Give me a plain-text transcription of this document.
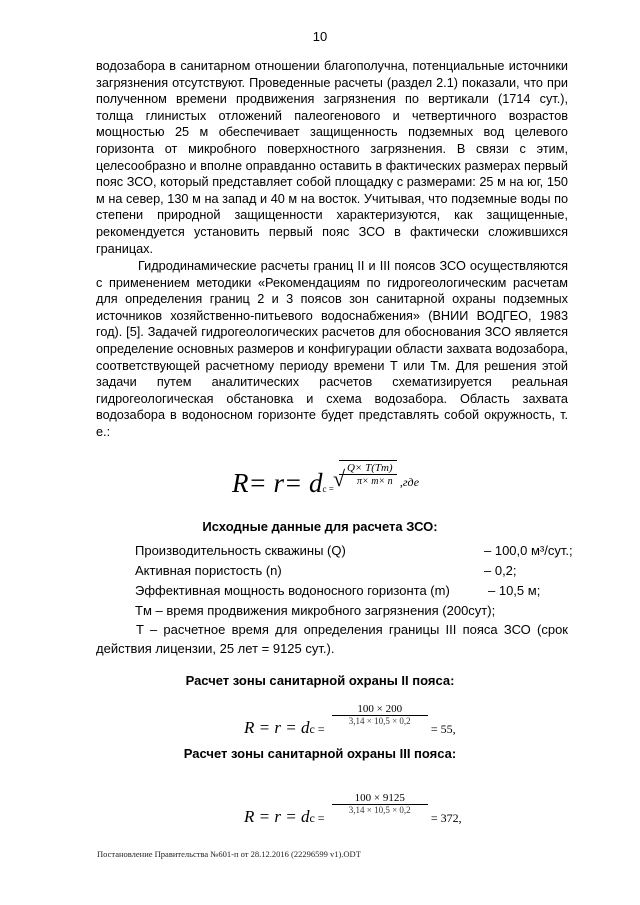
10

водозабора в санитарном отношении благополучна, потенциальные источники загрязнения отсутствуют. Проведенные расчеты (раздел 2.1) показали, что при полученном времени продвижения загрязнения по вертикали (1714 сут.), толща глинистых отложений палеогенового и четвертичного возрастов мощностью 25 м обеспечивает защищенность подземных вод целевого горизонта от микробного поверхностного загрязнения. В связи с этим, целесообразно и вполне оправданно оставить в фактических размерах первый пояс ЗСО, который представляет собой площадку с размерами: 25 м на юг, 150 м на север, 130 м на запад и 40 м на восток. Учитывая, что подземные воды по степени природной защищенности характеризуются, как защищенные, рекомендуется установить первый пояс ЗСО в фактически сложившихся границах.

Гидродинамические расчеты границ II и III поясов ЗСО осуществляются с применением методики «Рекомендациям по гидрогеологическим расчетам для определения границ 2 и 3 поясов зон санитарной охраны подземных источников хозяйственно-питьевого водоснабжения» (ВНИИ ВОДГЕО, 1983 год). [5]. Задачей гидрогеологических расчетов для обоснования ЗСО является определение основных размеров и конфигурации области захвата водозабора, соответствующей расчетному периоду времени T или Tм. Для решения этой задачи путем аналитических расчетов схематизируется реальная гидрогеологическая обстановка и схема водозабора. Область захвата водозабора в водоносном горизонте будет представлять собой окружность, т. е.:

R= r= dc = √ Q× T(Tm)
π× m× n ,где
Исходные данные для расчета ЗСО:
Производительность скважины (Q)	– 100,0 м³/сут.;
Активная пористость (n)	– 0,2;
Эффективная мощность водоносного горизонта (m)	– 10,5 м;
Tм – время продвижения микробного загрязнения (200сут);

T – расчетное время для определения границы III пояса ЗСО (срок действия лицензии, 25 лет = 9125 сут.).

Расчет зоны санитарной охраны II пояса:
R = r = dc = $\frac{100 \times 200}{3,14 \times 10,5 \times 0,2} = 55$,
Расчет зоны санитарной охраны III пояса:
R = r = dc = $\frac{100 \times 9125}{3,14 \times 10,5 \times 0,2} = 372$,
Постановление Правительства №601-п от 28.12.2016 (22296599 v1).ODT
